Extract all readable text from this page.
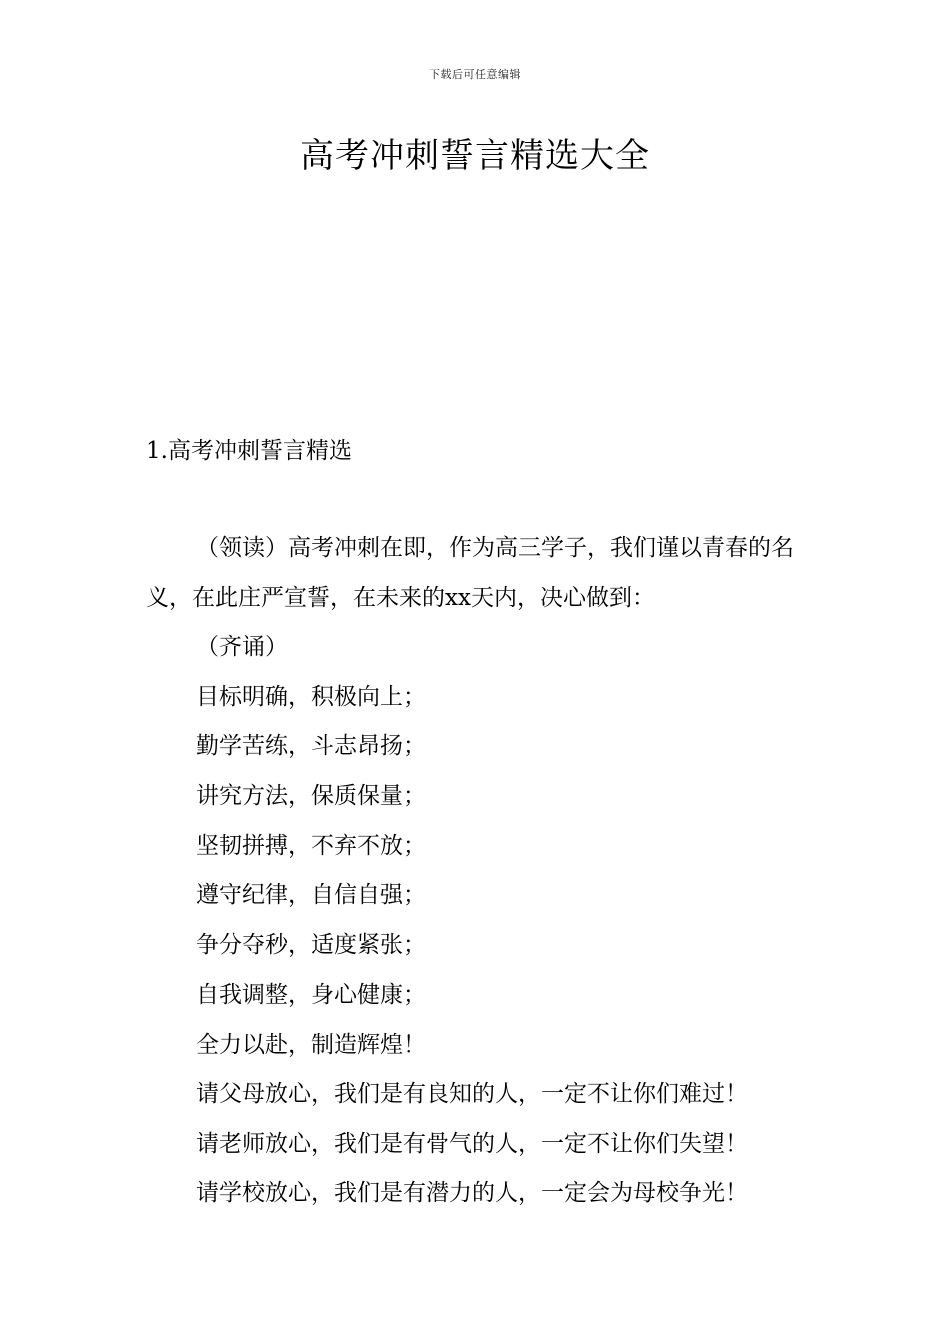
下载后可任意编辑
高考冲刺誓言精选大全
1.高考冲刺誓言精选
（领读）高考冲刺在即，作为高三学子，我们谨以青春的名义，在此庄严宣誓，在未来的xx天内，决心做到：
（齐诵）
目标明确，积极向上；
勤学苦练，斗志昂扬；
讲究方法，保质保量；
坚韧拼搏，不弃不放；
遵守纪律，自信自强；
争分夺秒，适度紧张；
自我调整，身心健康；
全力以赴，制造辉煌！
请父母放心，我们是有良知的人，一定不让你们难过！
请老师放心，我们是有骨气的人，一定不让你们失望！
请学校放心，我们是有潜力的人，一定会为母校争光！
